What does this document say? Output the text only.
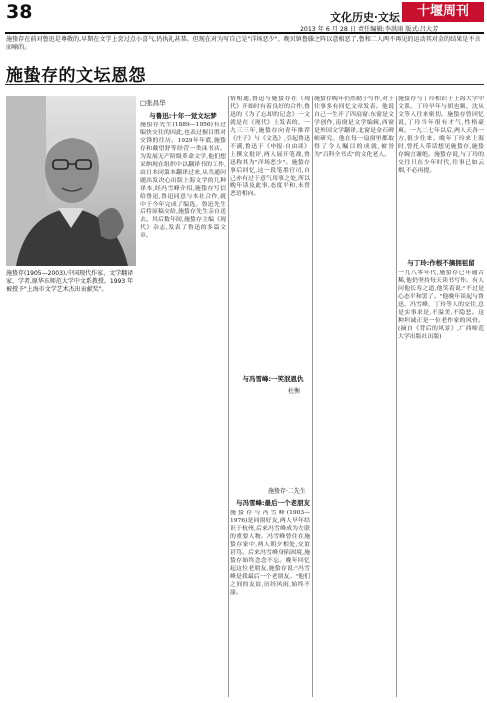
38	文化历史·文坛	十堰周刊
2013 年 6 月 28 日 责任编辑:李洪雨 版式:吕大芳
施蛰存在前对鲁迅是尊敬的,早期在文学上尝过点小喜气,仍执礼甚恭。但现在对为写自己是"洋场恶少"。晚贝镇鲁滕之阵以意相恶了,鲁和二人两不再见的运动其对金的结果是不言而喻的。
施蛰存的文坛恩怨
施蛰存(1905—2003),中国现代作家、文学翻译家、学者,原华东师范大学中文系教授。1993 年被授予"上海市文学艺术杰出贡献奖"。
□张昌华
与鲁迅:十年一觉文坛梦
与冯雪峰:一笑泯恩仇
与冯雪峰:最后一个老朋友
与丁玲:作根不摘拥祖留
施蛰存先生(1889—1956)有过编快交往的因此,也表过握目胜对交锋的往历。1929年年底,施蛰存和戴望舒等经营一类沫书店。为发展无产阶级革命文学,他们想采纳现在组织中以翻译书的工作,由日本同第本翻译过来,从共通问题出发决心出版上海文学的几种译本,经冯雪峰介绍,施蛰存写信给鲁迅,鲁迅同意与本社合作,就中于今年完成了编选。鲁迅先生后将原稿交给,施蛰存先生亲自送去。其后数年间,施蛰存主编《现代》杂志,发表了鲁迅的多篇文章。
情相通,鲁迅与施蛰存在《现代》开始时有着良好的合作,鲁迅的《为了忘却的记念》一文就是在《现代》上发表的。一九三三年,施蛰存向青年推荐《庄子》与《文选》,引起鲁迅不满,鲁迅于《申报·自由谈》上撰文批评,两人展开笔战,鲁迅称其为"洋场恶少"。施蛰存事后回忆,这一段笔墨官司,自己亦有过于意气用事之处,所以晚年谈及此事,态度平和,未曾恶语相向。
施蛰存与冯雪峰(1903—1976)是同窗好友,两人早年结识于杭州,后来冯雪峰成为左联的重要人物。冯雪峰曾住在施蛰存家中,两人朝夕相处,交谊甚笃。后来冯雪峰身陷困境,施蛰存始终念念不忘。晚年回忆起这位老朋友,施蛰存说:"冯雪峰是我最后一个老朋友。"他们之间的友谊,历经风雨,始终不渝。
施蛰存晚年仍然勤于写作,对于往事多有回忆文章发表。他说自己一生开了四扇窗:东窗是文学创作,南窗是文学编辑,西窗是外国文学翻译,北窗是金石碑帖研究。他在每一扇窗里都取得了令人瞩目的成就,被誉为"百科全书式"的文化老人。
施蛰存与丁玲相识于上海大学中文系。丁玲早年与胡也频、沈从文等人往来密切。施蛰存曾回忆说,丁玲当年很有才气,性格豪爽。一九二七年以后,两人天各一方,很少往来。晚年丁玲来上海时,曾托人带话想见施蛰存,施蛰存婉言谢绝。施蛰存说,与丁玲的交往只在少年时代,往事已如云烟,不必再提。
一九八零年代,施蛰存已年逾古稀,他仍坚持每天读书写作。有人问他长寿之道,他笑着说:"不过是心态平和罢了。"他晚年谈起与鲁迅、冯雪峰、丁玲等人的交往,总是实事求是,不溢美,不隐恶。这种坦诚正是一位老作家的风骨。(摘自《背后的风景》,广西师范大学出版社出版)
杜衡
施蛰存·二先生
